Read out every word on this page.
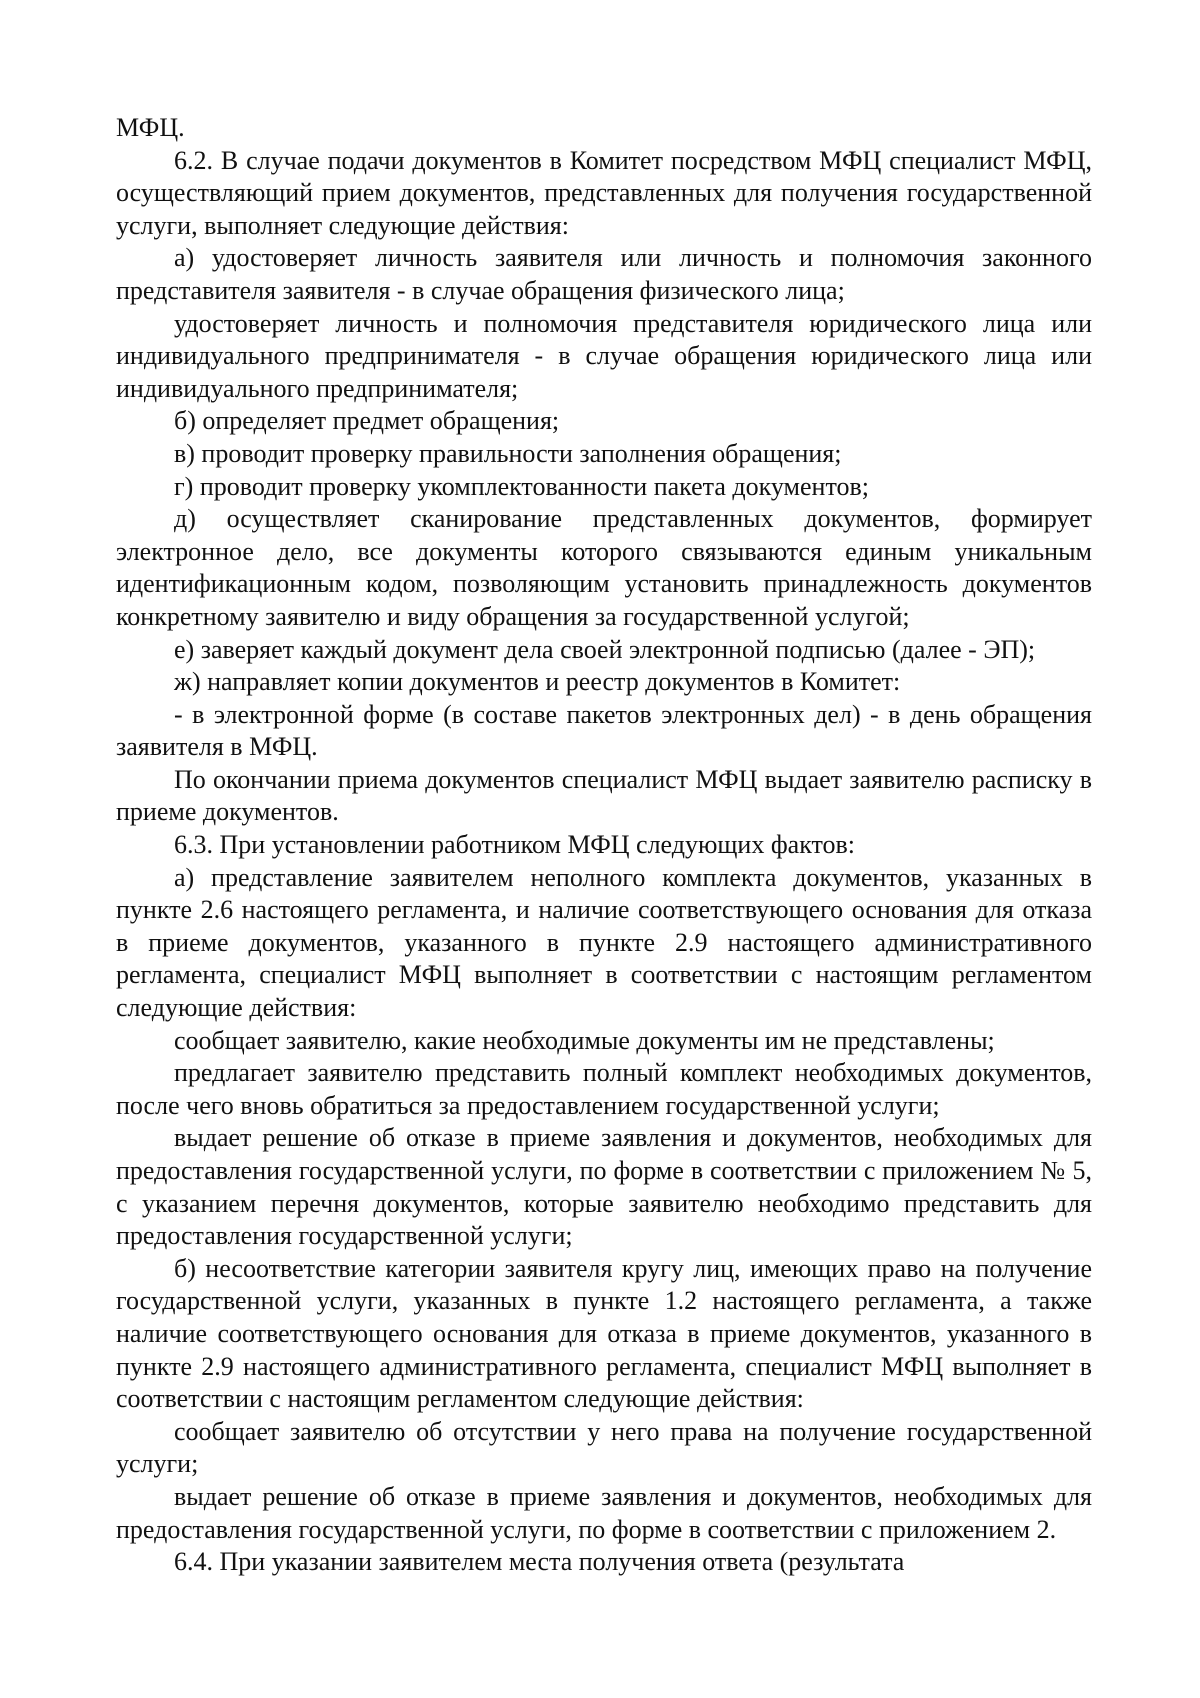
МФЦ.

6.2. В случае подачи документов в Комитет посредством МФЦ специалист МФЦ, осуществляющий прием документов, представленных для получения государственной услуги, выполняет следующие действия:

а) удостоверяет личность заявителя или личность и полномочия законного представителя заявителя - в случае обращения физического лица;

удостоверяет личность и полномочия представителя юридического лица или индивидуального предпринимателя - в случае обращения юридического лица или индивидуального предпринимателя;

б) определяет предмет обращения;

в) проводит проверку правильности заполнения обращения;

г) проводит проверку укомплектованности пакета документов;

д) осуществляет сканирование представленных документов, формирует электронное дело, все документы которого связываются единым уникальным идентификационным кодом, позволяющим установить принадлежность документов конкретному заявителю и виду обращения за государственной услугой;

е) заверяет каждый документ дела своей электронной подписью (далее - ЭП);

ж) направляет копии документов и реестр документов в Комитет:

- в электронной форме (в составе пакетов электронных дел) - в день обращения заявителя в МФЦ.

По окончании приема документов специалист МФЦ выдает заявителю расписку в приеме документов.

6.3. При установлении работником МФЦ следующих фактов:

а) представление заявителем неполного комплекта документов, указанных в пункте 2.6 настоящего регламента, и наличие соответствующего основания для отказа в приеме документов, указанного в пункте 2.9 настоящего административного регламента, специалист МФЦ выполняет в соответствии с настоящим регламентом следующие действия:

сообщает заявителю, какие необходимые документы им не представлены;

предлагает заявителю представить полный комплект необходимых документов, после чего вновь обратиться за предоставлением государственной услуги;

выдает решение об отказе в приеме заявления и документов, необходимых для предоставления государственной услуги, по форме в соответствии с приложением № 5, с указанием перечня документов, которые заявителю необходимо представить для предоставления государственной услуги;

б) несоответствие категории заявителя кругу лиц, имеющих право на получение государственной услуги, указанных в пункте 1.2 настоящего регламента, а также наличие соответствующего основания для отказа в приеме документов, указанного в пункте 2.9 настоящего административного регламента, специалист МФЦ выполняет в соответствии с настоящим регламентом следующие действия:

сообщает заявителю об отсутствии у него права на получение государственной услуги;

выдает решение об отказе в приеме заявления и документов, необходимых для предоставления государственной услуги, по форме в соответствии с приложением 2.

6.4. При указании заявителем места получения ответа (результата
